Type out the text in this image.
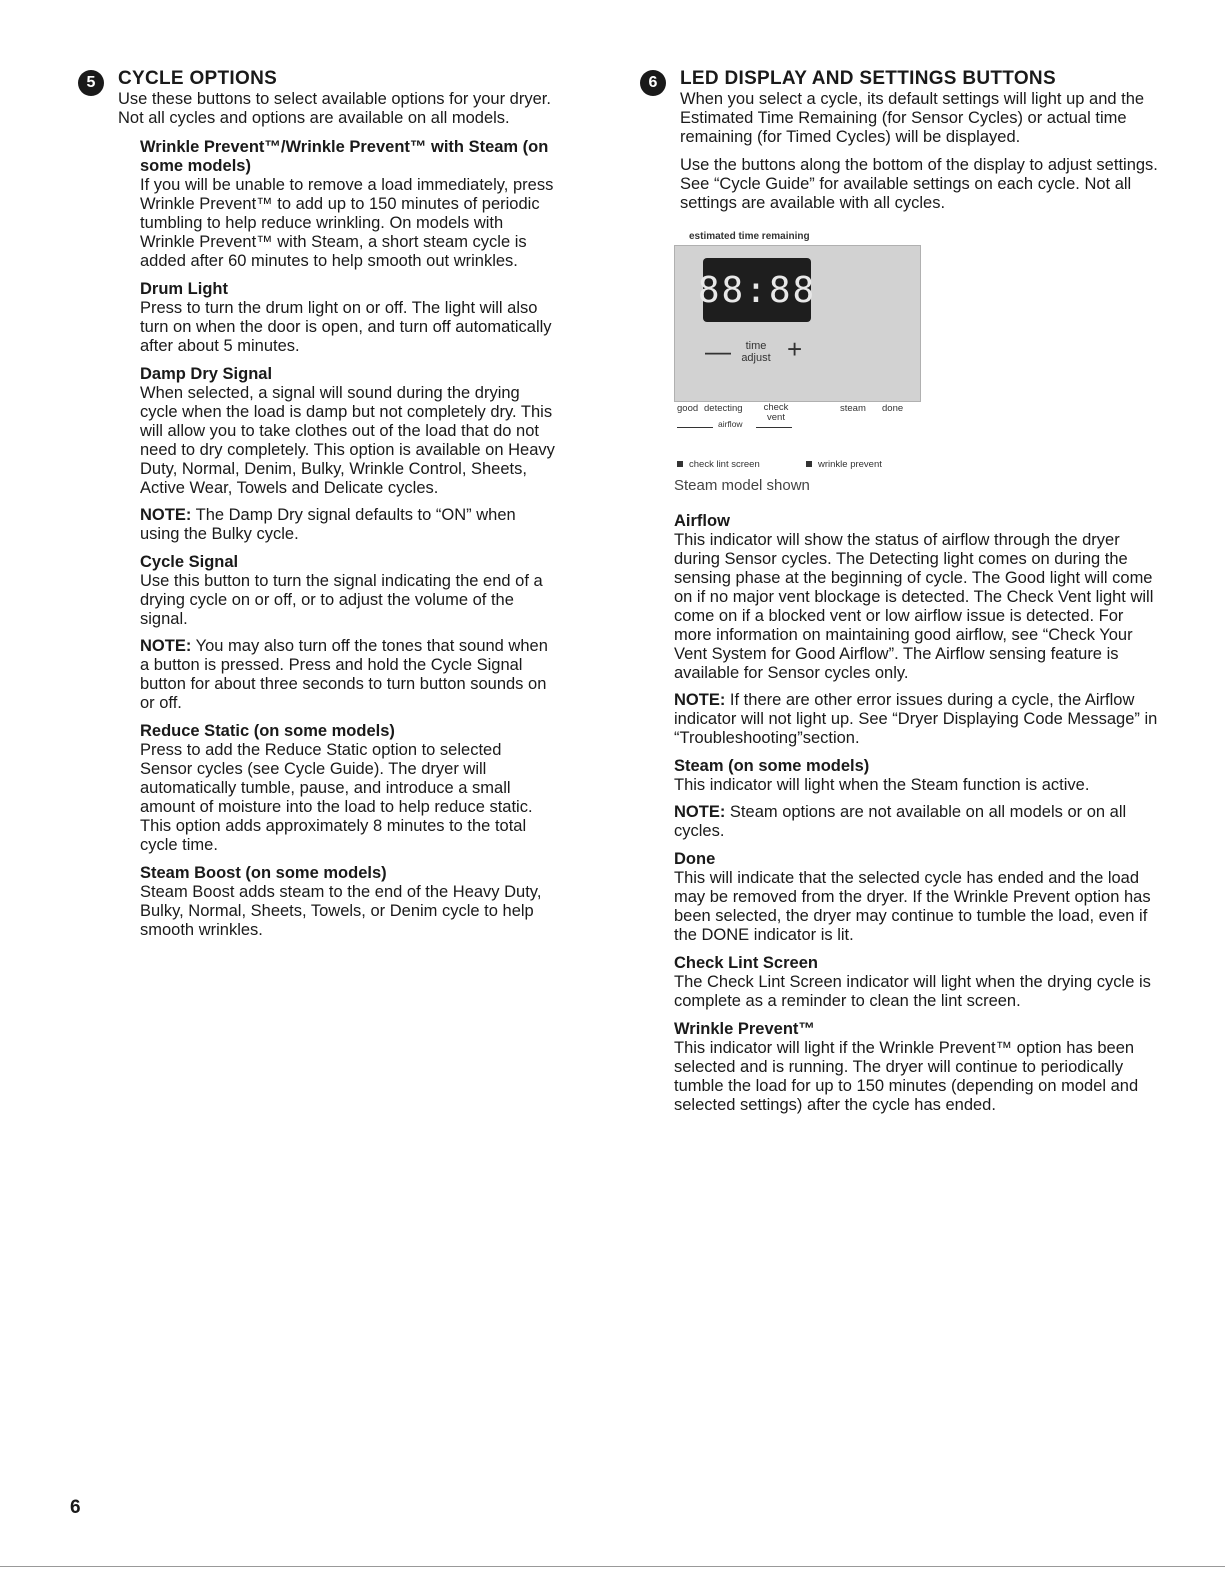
5	CYCLE OPTIONS

Use these buttons to select available options for your dryer. Not all cycles and options are available on all models.

Wrinkle Prevent™/Wrinkle Prevent™ with Steam (on some models)

If you will be unable to remove a load immediately, press Wrinkle Prevent™ to add up to 150 minutes of periodic tumbling to help reduce wrinkling. On models with Wrinkle Prevent™ with Steam, a short steam cycle is added after 60 minutes to help smooth out wrinkles.

Drum Light

Press to turn the drum light on or off. The light will also turn on when the door is open, and turn off automatically after about 5 minutes.

Damp Dry Signal

When selected, a signal will sound during the drying cycle when the load is damp but not completely dry. This will allow you to take clothes out of the load that do not need to dry completely. This option is available on Heavy Duty, Normal, Denim, Bulky, Wrinkle Control, Sheets, Active Wear, Towels and Delicate cycles.

NOTE: The Damp Dry signal defaults to “ON” when using the Bulky cycle.

Cycle Signal

Use this button to turn the signal indicating the end of a drying cycle on or off, or to adjust the volume of the signal.

NOTE: You may also turn off the tones that sound when a button is pressed. Press and hold the Cycle Signal button for about three seconds to turn button sounds on or off.

Reduce Static (on some models)

Press to add the Reduce Static option to selected Sensor cycles (see Cycle Guide). The dryer will automatically tumble, pause, and introduce a small amount of moisture into the load to help reduce static. This option adds approximately 8 minutes to the total cycle time.

Steam Boost (on some models)

Steam Boost adds steam to the end of the Heavy Duty, Bulky, Normal, Sheets, Towels, or Denim cycle to help smooth wrinkles.

6	LED DISPLAY AND SETTINGS BUTTONS

When you select a cycle, its default settings will light up and the Estimated Time Remaining (for Sensor Cycles) or actual time remaining (for Timed Cycles) will be displayed.

Use the buttons along the bottom of the display to adjust settings. See “Cycle Guide” for available settings on each cycle. Not all settings are available with all cycles.

estimated time remaining
88:88
—	time adjust +
good detecting	check vent
steam done
airflow
check lint screen	wrinkle prevent
Steam model shown
Airflow

This indicator will show the status of airflow through the dryer during Sensor cycles. The Detecting light comes on during the sensing phase at the beginning of cycle. The Good light will come on if no major vent blockage is detected. The Check Vent light will come on if a blocked vent or low airflow issue is detected. For more information on maintaining good airflow, see “Check Your Vent System for Good Airflow”. The Airflow sensing feature is available for Sensor cycles only.

NOTE: If there are other error issues during a cycle, the Airflow indicator will not light up. See “Dryer Displaying Code Message” in “Troubleshooting”section.

Steam (on some models)

This indicator will light when the Steam function is active.

NOTE: Steam options are not available on all models or on all cycles.

Done

This will indicate that the selected cycle has ended and the load may be removed from the dryer. If the Wrinkle Prevent option has been selected, the dryer may continue to tumble the load, even if the DONE indicator is lit.

Check Lint Screen

The Check Lint Screen indicator will light when the drying cycle is complete as a reminder to clean the lint screen.

Wrinkle Prevent™

This indicator will light if the Wrinkle Prevent™ option has been selected and is running. The dryer will continue to periodically tumble the load for up to 150 minutes (depending on model and selected settings) after the cycle has ended.

6
